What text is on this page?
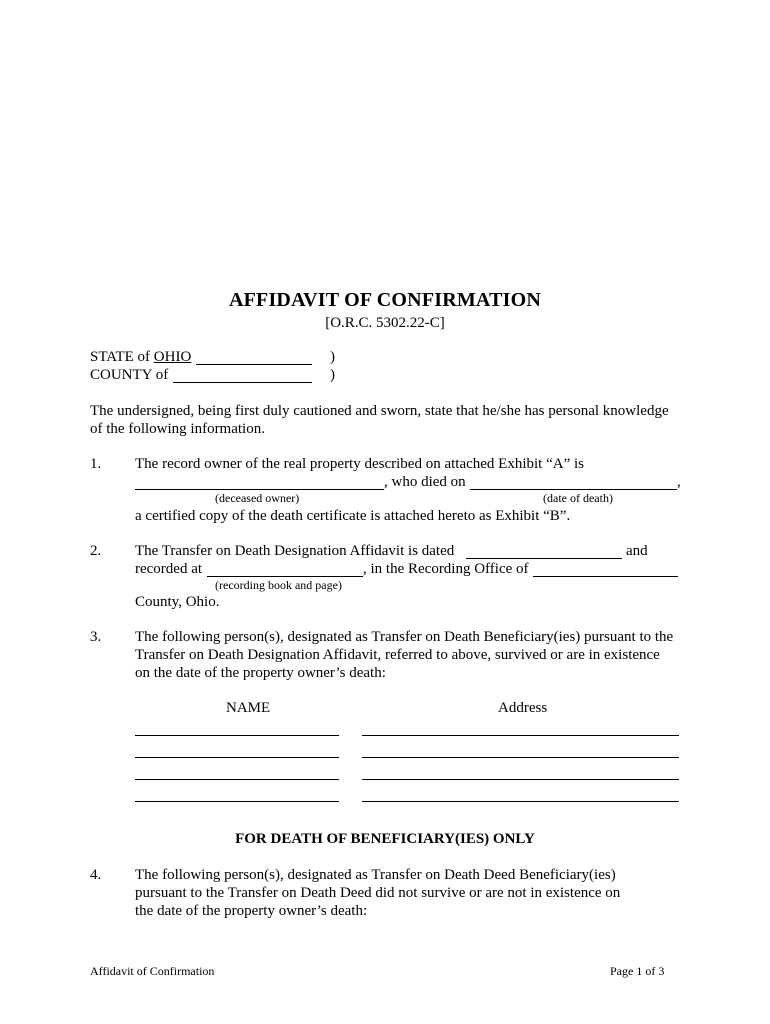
AFFIDAVIT OF CONFIRMATION
[O.R.C. 5302.22-C]
STATE of OHIO	)
COUNTY of	)
The undersigned, being first duly cautioned and sworn, state that he/she has personal knowledge
of the following information.
1. The record owner of the real property described on attached Exhibit “A” is
, who died on	,
(deceased owner)	(date of death)
a certified copy of the death certificate is attached hereto as Exhibit “B”.
2. The Transfer on Death Designation Affidavit is dated	and
recorded at	, in the Recording Office of
(recording book and page)
County, Ohio.
3. The following person(s), designated as Transfer on Death Beneficiary(ies) pursuant to the
Transfer on Death Designation Affidavit, referred to above, survived or are in existence
on the date of the property owner’s death:
NAME	Address
FOR DEATH OF BENEFICIARY(IES) ONLY
4. The following person(s), designated as Transfer on Death Deed Beneficiary(ies)
pursuant to the Transfer on Death Deed did not survive or are not in existence on
the date of the property owner’s death:
Affidavit of Confirmation	Page 1 of 3
